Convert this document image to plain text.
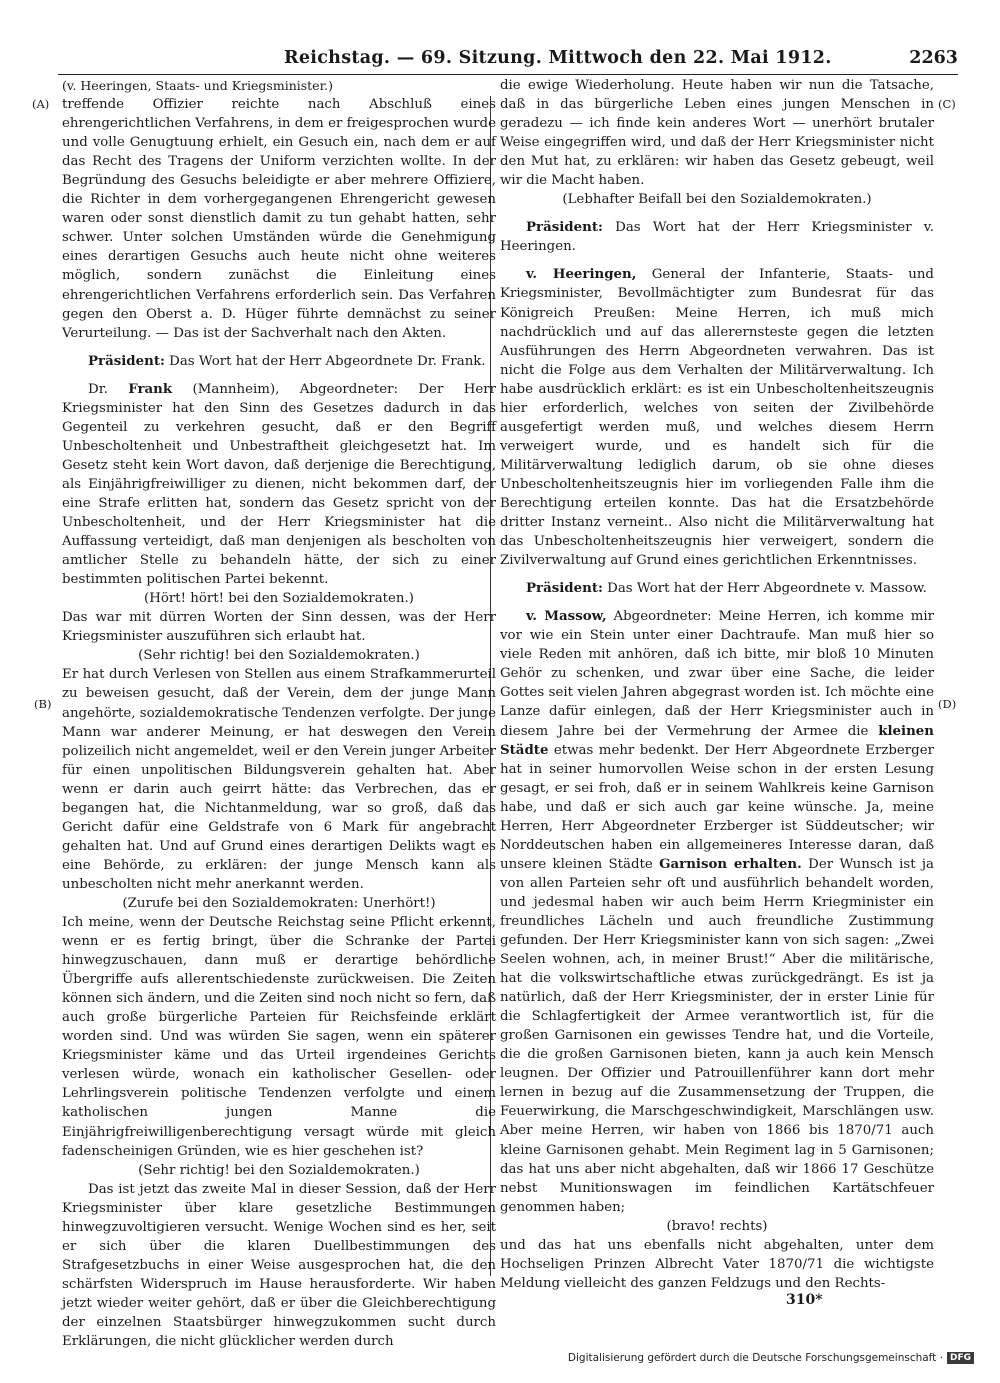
Reichstag. — 69. Sitzung. Mittwoch den 22. Mai 1912.	2263
(A)
(B)
(C)
(D)

(v. Heeringen, Staats- und Kriegsminister.)

treffende Offizier reichte nach Abschluß eines ehrengerichtlichen Verfahrens, in dem er freigesprochen wurde und volle Genugtuung erhielt, ein Gesuch ein, nach dem er auf das Recht des Tragens der Uniform verzichten wollte. In der Begründung des Gesuchs beleidigte er aber mehrere Offiziere, die Richter in dem vorhergegangenen Ehrengericht gewesen waren oder sonst dienstlich damit zu tun gehabt hatten, sehr schwer. Unter solchen Umständen würde die Genehmigung eines derartigen Gesuchs auch heute nicht ohne weiteres möglich, sondern zunächst die Einleitung eines ehrengerichtlichen Verfahrens erforderlich sein. Das Verfahren gegen den Oberst a. D. Hüger führte demnächst zu seiner Verurteilung. — Das ist der Sachverhalt nach den Akten.

Präsident: Das Wort hat der Herr Abgeordnete Dr. Frank.

Dr. Frank (Mannheim), Abgeordneter: Der Herr Kriegsminister hat den Sinn des Gesetzes dadurch in das Gegenteil zu verkehren gesucht, daß er den Begriff Unbescholtenheit und Unbestraftheit gleichgesetzt hat. Im Gesetz steht kein Wort davon, daß derjenige die Berechtigung, als Einjährigfreiwilliger zu dienen, nicht bekommen darf, der eine Strafe erlitten hat, sondern das Gesetz spricht von der Unbescholtenheit, und der Herr Kriegsminister hat die Auffassung verteidigt, daß man denjenigen als bescholten von amtlicher Stelle zu behandeln hätte, der sich zu einer bestimmten politischen Partei bekennt.

(Hört! hört! bei den Sozialdemokraten.)

Das war mit dürren Worten der Sinn dessen, was der Herr Kriegsminister auszuführen sich erlaubt hat.

(Sehr richtig! bei den Sozialdemokraten.)

Er hat durch Verlesen von Stellen aus einem Strafkammerurteil zu beweisen gesucht, daß der Verein, dem der junge Mann angehörte, sozialdemokratische Tendenzen verfolgte. Der junge Mann war anderer Meinung, er hat deswegen den Verein polizeilich nicht angemeldet, weil er den Verein junger Arbeiter für einen unpolitischen Bildungsverein gehalten hat. Aber wenn er darin auch geirrt hätte: das Verbrechen, das er begangen hat, die Nichtanmeldung, war so groß, daß das Gericht dafür eine Geldstrafe von 6 Mark für angebracht gehalten hat. Und auf Grund eines derartigen Delikts wagt es eine Behörde, zu erklären: der junge Mensch kann als unbescholten nicht mehr anerkannt werden.

(Zurufe bei den Sozialdemokraten: Unerhört!)

Ich meine, wenn der Deutsche Reichstag seine Pflicht erkennt, wenn er es fertig bringt, über die Schranke der Partei hinwegzuschauen, dann muß er derartige behördliche Übergriffe aufs allerentschiedenste zurückweisen. Die Zeiten können sich ändern, und die Zeiten sind noch nicht so fern, daß auch große bürgerliche Parteien für Reichsfeinde erklärt worden sind. Und was würden Sie sagen, wenn ein späterer Kriegsminister käme und das Urteil irgendeines Gerichts verlesen würde, wonach ein katholischer Gesellen- oder Lehrlingsverein politische Tendenzen verfolgte und einem katholischen jungen Manne die Einjährigfreiwilligenberechtigung versagt würde mit gleich fadenscheinigen Gründen, wie es hier geschehen ist?

(Sehr richtig! bei den Sozialdemokraten.)

Das ist jetzt das zweite Mal in dieser Session, daß der Herr Kriegsminister über klare gesetzliche Bestimmungen hinwegzuvoltigieren versucht. Wenige Wochen sind es her, seit er sich über die klaren Duellbestimmungen des Strafgesetzbuchs in einer Weise ausgesprochen hat, die den schärfsten Widerspruch im Hause herausforderte. Wir haben jetzt wieder weiter gehört, daß er über die Gleichberechtigung der einzelnen Staatsbürger hinwegzukommen sucht durch Erklärungen, die nicht glücklicher werden durch

die ewige Wiederholung. Heute haben wir nun die Tatsache, daß in das bürgerliche Leben eines jungen Menschen in geradezu — ich finde kein anderes Wort — unerhört brutaler Weise eingegriffen wird, und daß der Herr Kriegsminister nicht den Mut hat, zu erklären: wir haben das Gesetz gebeugt, weil wir die Macht haben.

(Lebhafter Beifall bei den Sozialdemokraten.)

Präsident: Das Wort hat der Herr Kriegsminister v. Heeringen.

v. Heeringen, General der Infanterie, Staats- und Kriegsminister, Bevollmächtigter zum Bundesrat für das Königreich Preußen: Meine Herren, ich muß mich nachdrücklich und auf das allerernsteste gegen die letzten Ausführungen des Herrn Abgeordneten verwahren. Das ist nicht die Folge aus dem Verhalten der Militärverwaltung. Ich habe ausdrücklich erklärt: es ist ein Unbescholtenheitszeugnis hier erforderlich, welches von seiten der Zivilbehörde ausgefertigt werden muß, und welches diesem Herrn verweigert wurde, und es handelt sich für die Militärverwaltung lediglich darum, ob sie ohne dieses Unbescholtenheitszeugnis hier im vorliegenden Falle ihm die Berechtigung erteilen konnte. Das hat die Ersatzbehörde dritter Instanz verneint.. Also nicht die Militärverwaltung hat das Unbescholtenheitszeugnis hier verweigert, sondern die Zivilverwaltung auf Grund eines gerichtlichen Erkenntnisses.

Präsident: Das Wort hat der Herr Abgeordnete v. Massow.

v. Massow, Abgeordneter: Meine Herren, ich komme mir vor wie ein Stein unter einer Dachtraufe. Man muß hier so viele Reden mit anhören, daß ich bitte, mir bloß 10 Minuten Gehör zu schenken, und zwar über eine Sache, die leider Gottes seit vielen Jahren abgegrast worden ist. Ich möchte eine Lanze dafür einlegen, daß der Herr Kriegsminister auch in diesem Jahre bei der Vermehrung der Armee die kleinen Städte etwas mehr bedenkt. Der Herr Abgeordnete Erzberger hat in seiner humorvollen Weise schon in der ersten Lesung gesagt, er sei froh, daß er in seinem Wahlkreis keine Garnison habe, und daß er sich auch gar keine wünsche. Ja, meine Herren, Herr Abgeordneter Erzberger ist Süddeutscher; wir Norddeutschen haben ein allgemeineres Interesse daran, daß unsere kleinen Städte Garnison erhalten. Der Wunsch ist ja von allen Parteien sehr oft und ausführlich behandelt worden, und jedesmal haben wir auch beim Herrn Kriegminister ein freundliches Lächeln und auch freundliche Zustimmung gefunden. Der Herr Kriegsminister kann von sich sagen: „Zwei Seelen wohnen, ach, in meiner Brust!“ Aber die militärische, hat die volkswirtschaftliche etwas zurückgedrängt. Es ist ja natürlich, daß der Herr Kriegsminister, der in erster Linie für die Schlagfertigkeit der Armee verantwortlich ist, für die großen Garnisonen ein gewisses Tendre hat, und die Vorteile, die die großen Garnisonen bieten, kann ja auch kein Mensch leugnen. Der Offizier und Patrouillenführer kann dort mehr lernen in bezug auf die Zusammensetzung der Truppen, die Feuerwirkung, die Marschgeschwindigkeit, Marschlängen usw. Aber meine Herren, wir haben von 1866 bis 1870/71 auch kleine Garnisonen gehabt. Mein Regiment lag in 5 Garnisonen; das hat uns aber nicht abgehalten, daß wir 1866 17 Geschütze nebst Munitionswagen im feindlichen Kartätschfeuer genommen haben;

(bravo! rechts)

und das hat uns ebenfalls nicht abgehalten, unter dem Hochseligen Prinzen Albrecht Vater 1870/71 die wichtigste Meldung vielleicht des ganzen Feldzugs und den Rechts-

310*
Digitalisierung gefördert durch die Deutsche Forschungsgemeinschaft · DFG
